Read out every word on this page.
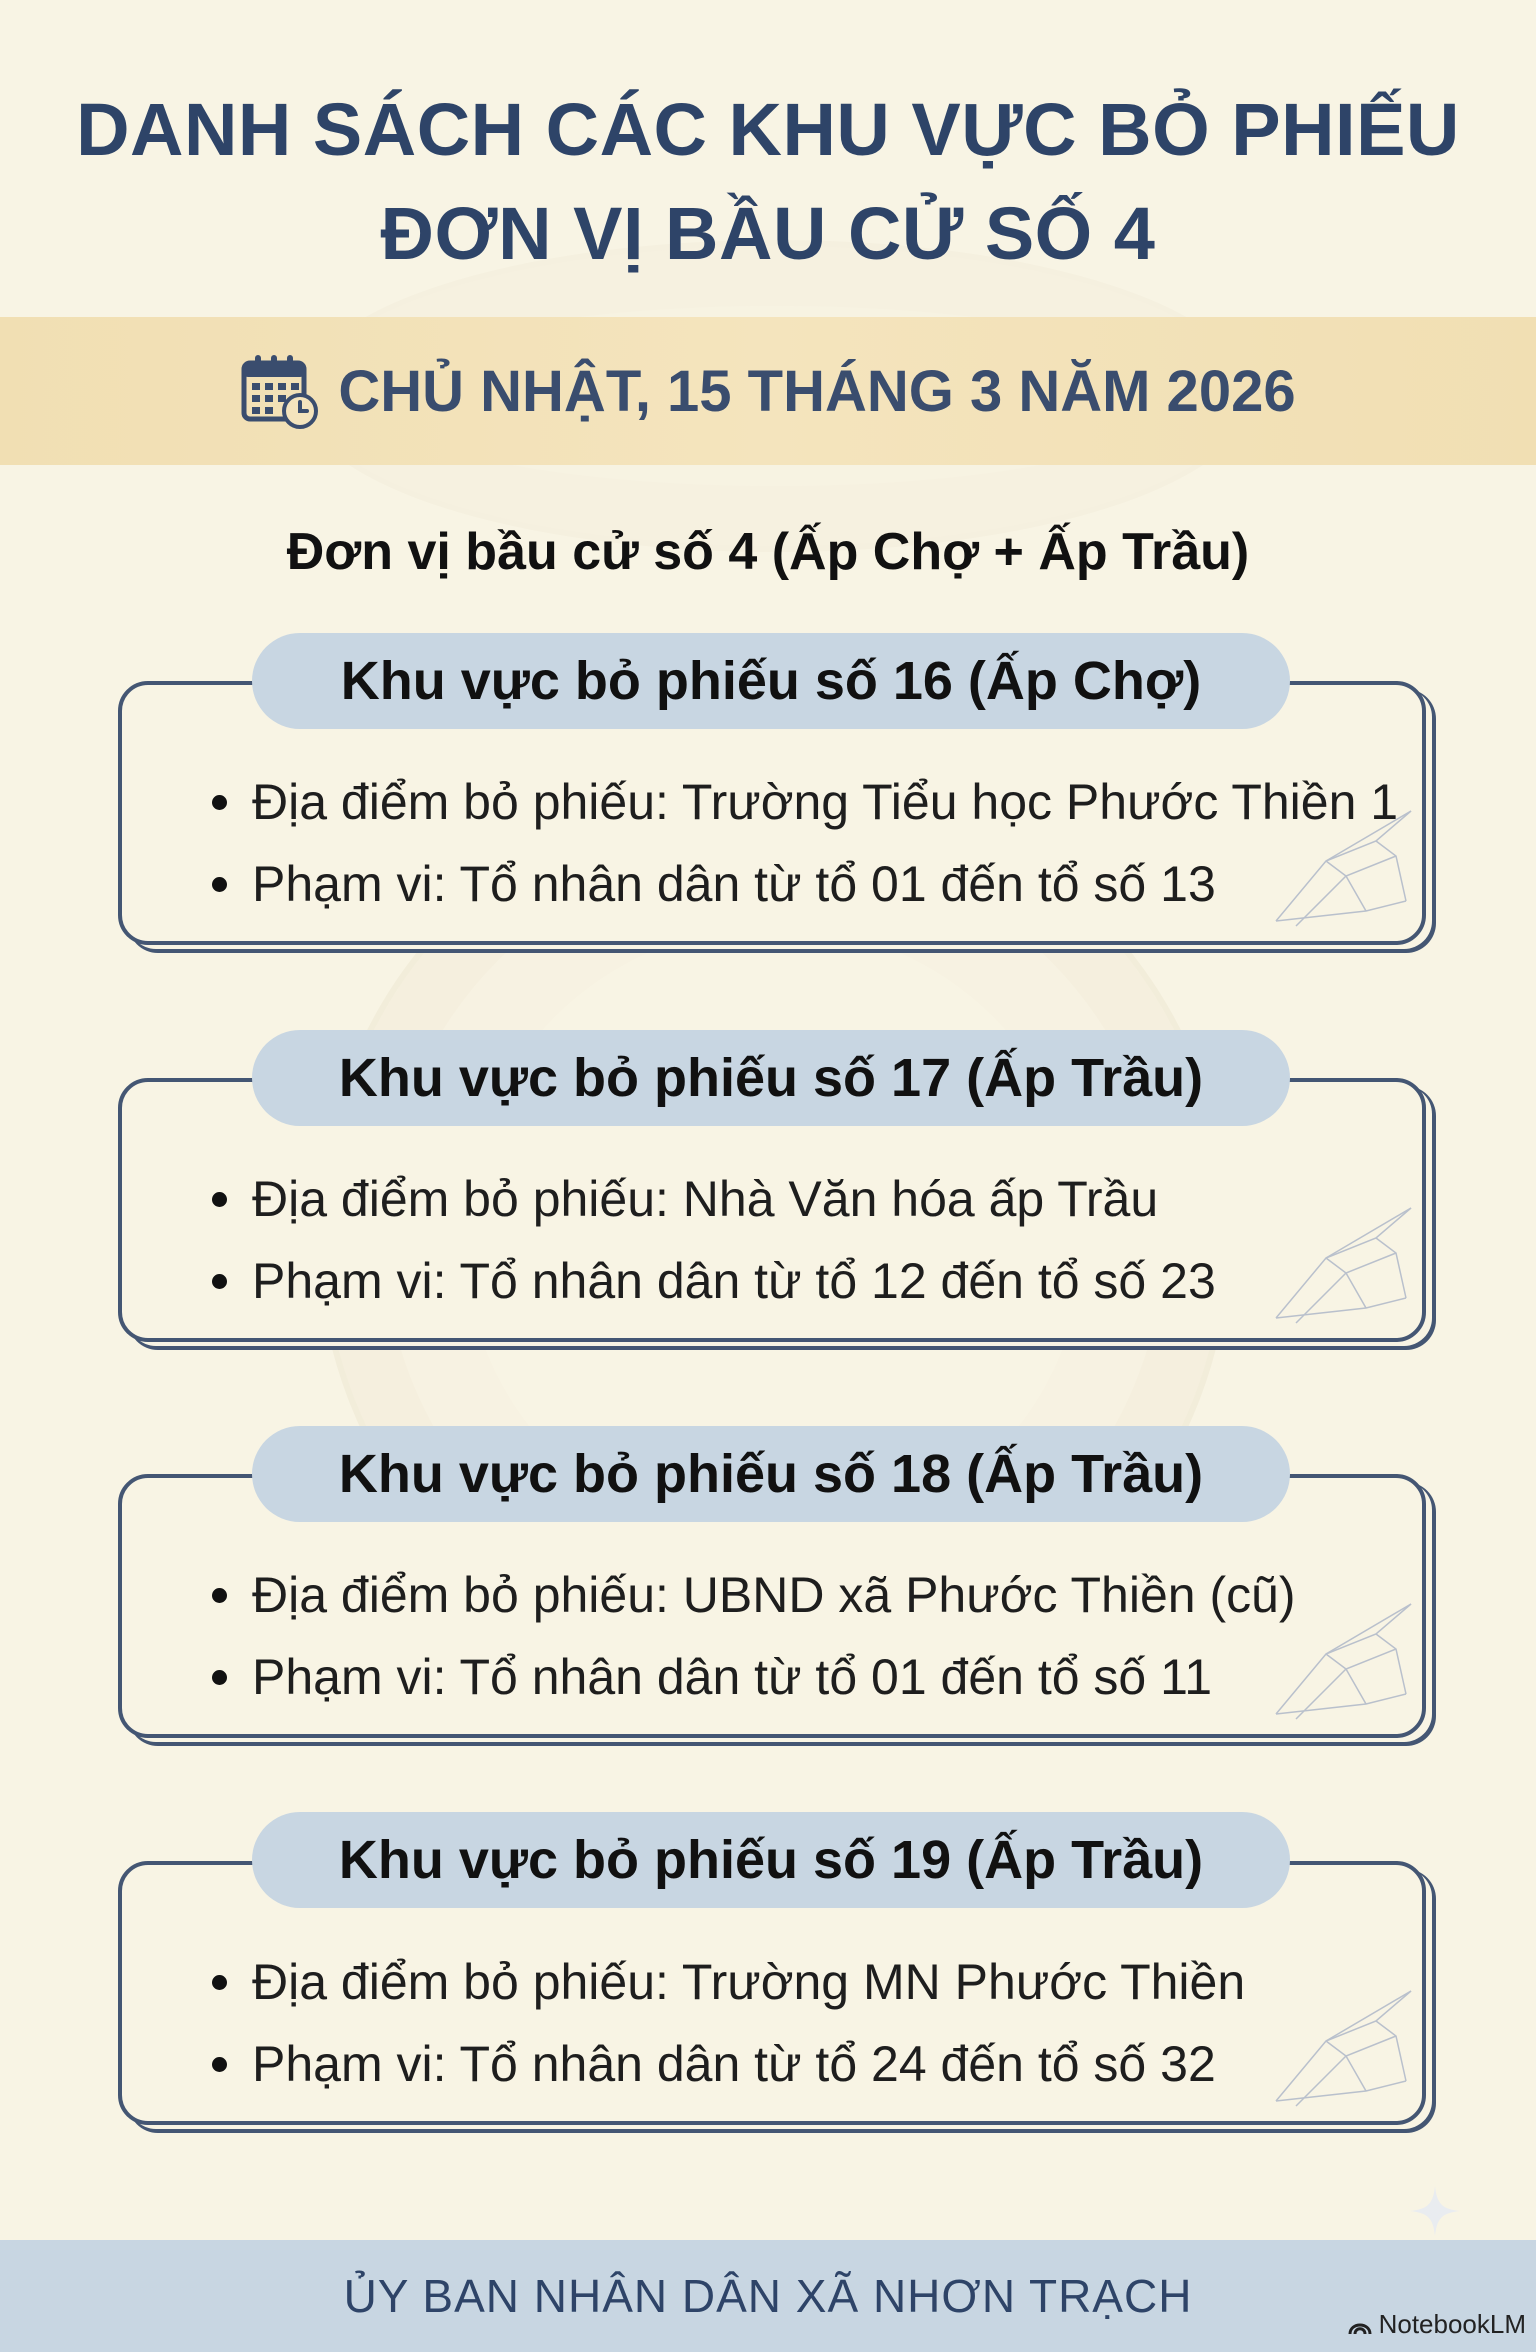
DANH SÁCH CÁC KHU VỰC BỎ PHIẾU
ĐƠN VỊ BẦU CỬ SỐ 4
CHỦ NHẬT, 15 THÁNG 3 NĂM 2026
Đơn vị bầu cử số 4 (Ấp Chợ + Ấp Trầu)
Địa điểm bỏ phiếu: Trường Tiểu học Phước Thiền 1
Phạm vi: Tổ nhân dân từ tổ 01 đến tổ số 13
Khu vực bỏ phiếu số 16 (Ấp Chợ)
Địa điểm bỏ phiếu: Nhà Văn hóa ấp Trầu
Phạm vi: Tổ nhân dân từ tổ 12 đến tổ số 23
Khu vực bỏ phiếu số 17 (Ấp Trầu)
Địa điểm bỏ phiếu: UBND xã Phước Thiền (cũ)
Phạm vi: Tổ nhân dân từ tổ 01 đến tổ số 11
Khu vực bỏ phiếu số 18 (Ấp Trầu)
Địa điểm bỏ phiếu: Trường MN Phước Thiền
Phạm vi: Tổ nhân dân từ tổ 24 đến tổ số 32
Khu vực bỏ phiếu số 19 (Ấp Trầu)
ỦY BAN NHÂN DÂN XÃ NHƠN TRẠCH
NotebookLM
